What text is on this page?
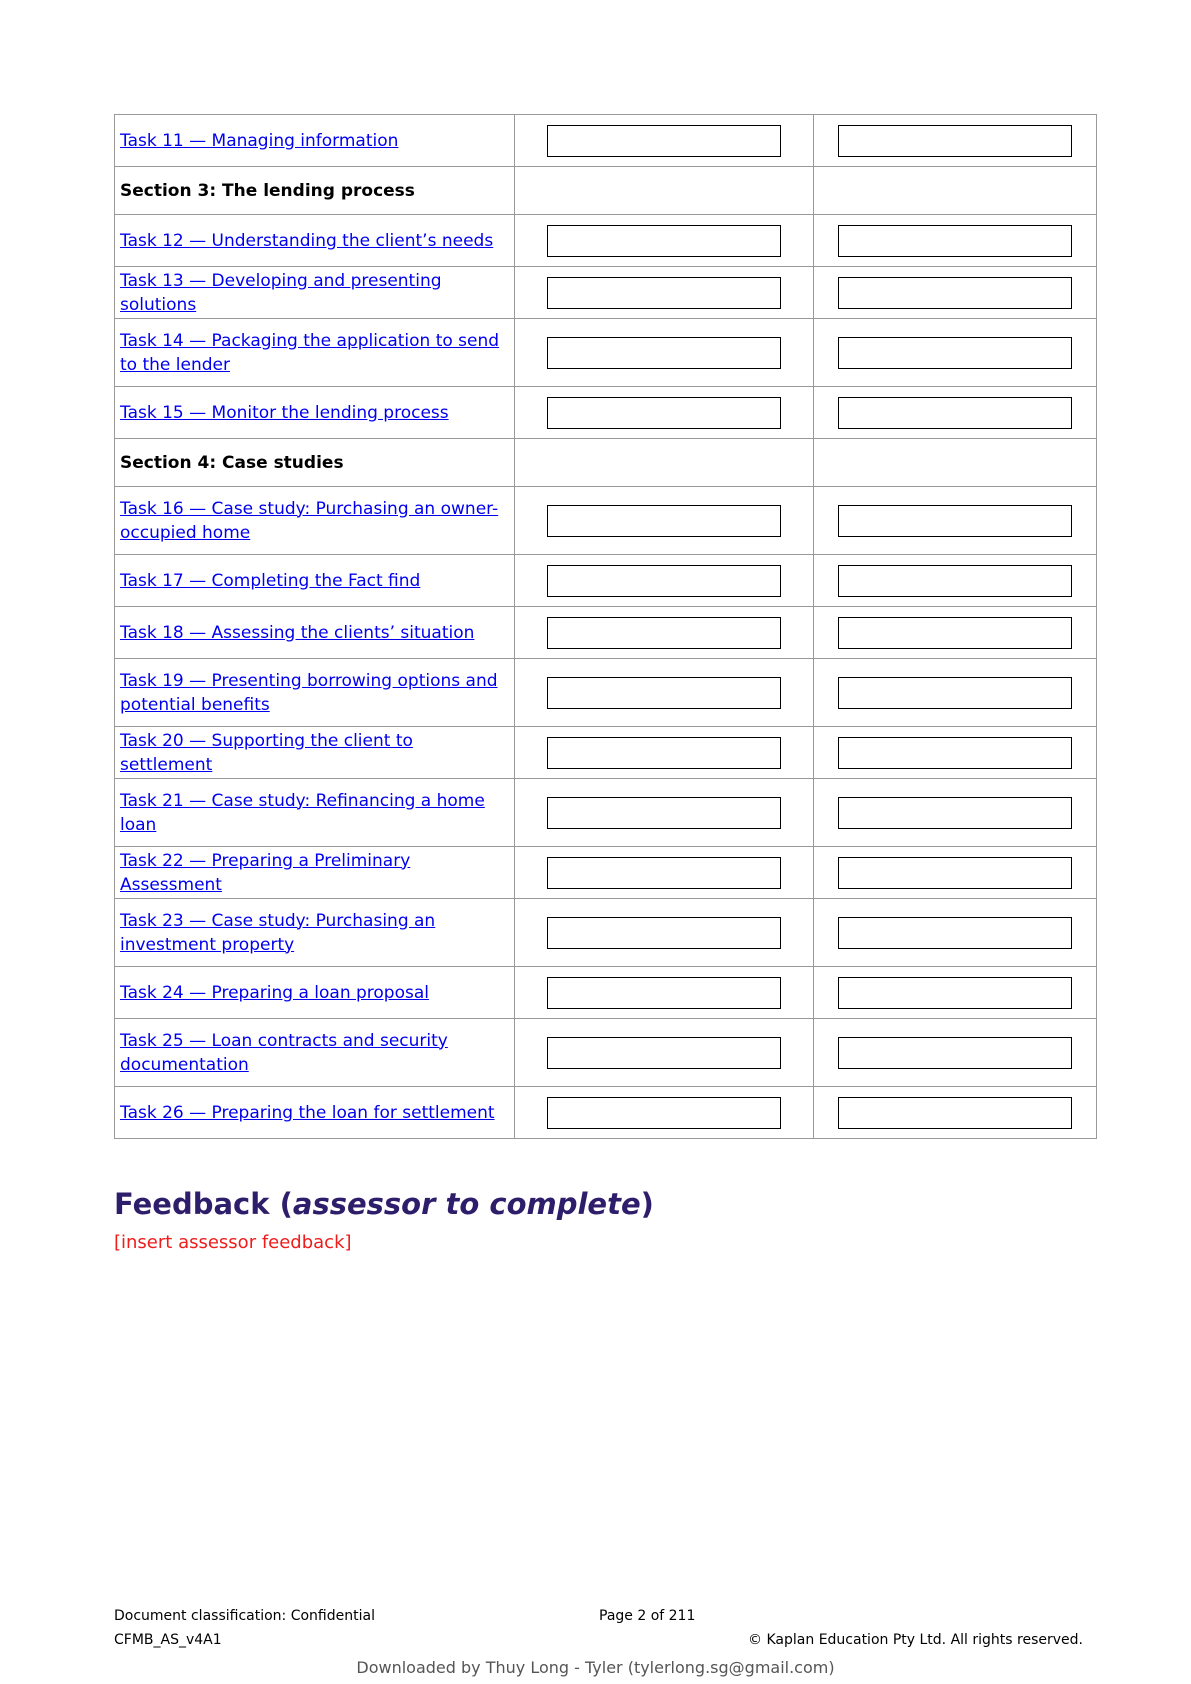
Task 11 — Managing information	

Section 3: The lending process		
Task 12 — Understanding the client’s needs	

Task 13 — Developing and presenting solutions	

Task 14 — Packaging the application to send to the lender	

Task 15 — Monitor the lending process	

Section 4: Case studies		
Task 16 — Case study: Purchasing an owner-occupied home	

Task 17 — Completing the Fact find	

Task 18 — Assessing the clients’ situation	

Task 19 — Presenting borrowing options and potential benefits	

Task 20 — Supporting the client to settlement	

Task 21 — Case study: Refinancing a home loan	

Task 22 — Preparing a Preliminary Assessment	

Task 23 — Case study: Purchasing an investment property	

Task 24 — Preparing a loan proposal	

Task 25 — Loan contracts and security documentation	

Task 26 — Preparing the loan for settlement	

Feedback (assessor to complete)
[insert assessor feedback]
Document classification: Confidential	Page 2 of 211
CFMB_AS_v4A1	© Kaplan Education Pty Ltd. All rights reserved.
Downloaded by Thuy Long - Tyler (tylerlong.sg@gmail.com)
